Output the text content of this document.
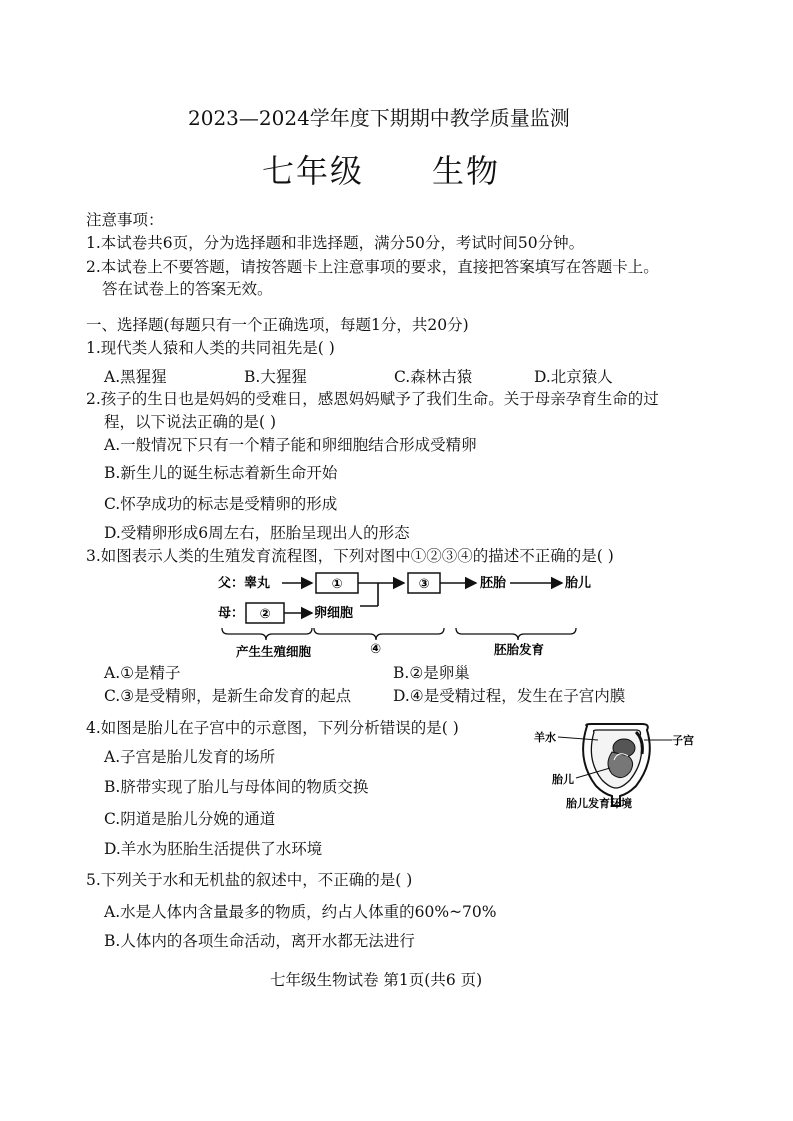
2023—2024学年度下期期中教学质量监测
七年级 生物
注意事项：
1.本试卷共6页，分为选择题和非选择题，满分50分，考试时间50分钟。
2.本试卷上不要答题，请按答题卡上注意事项的要求，直接把答案填写在答题卡上。
答在试卷上的答案无效。
一、选择题(每题只有一个正确选项，每题1分，共20分)
1.现代类人猿和人类的共同祖先是( )
A.黑猩猩	B.大猩猩	C.森林古猿	D.北京猿人
2.孩子的生日也是妈妈的受难日，感恩妈妈赋予了我们生命。关于母亲孕育生命的过
程，以下说法正确的是( )
A.一般情况下只有一个精子能和卵细胞结合形成受精卵
B.新生儿的诞生标志着新生命开始
C.怀孕成功的标志是受精卵的形成
D.受精卵形成6周左右，胚胎呈现出人的形态
3.如图表示人类的生殖发育流程图，下列对图中①②③④的描述不正确的是( )
父：睾丸	①	③	胚胎	胎儿
母： ②	卵细胞
产生生殖细胞	④	胚胎发育
A.①是精子	B.②是卵巢
C.③是受精卵，是新生命发育的起点	D.④是受精过程，发生在子宫内膜
4.如图是胎儿在子宫中的示意图，下列分析错误的是( )
A.子宫是胎儿发育的场所
B.脐带实现了胎儿与母体间的物质交换
C.阴道是胎儿分娩的通道
D.羊水为胚胎生活提供了水环境
羊水	子宫
胎儿
胎儿发育环境
5.下列关于水和无机盐的叙述中，不正确的是( )
A.水是人体内含量最多的物质，约占人体重的60%~70%
B.人体内的各项生命活动，离开水都无法进行
七年级生物试卷 第1页(共6 页)
